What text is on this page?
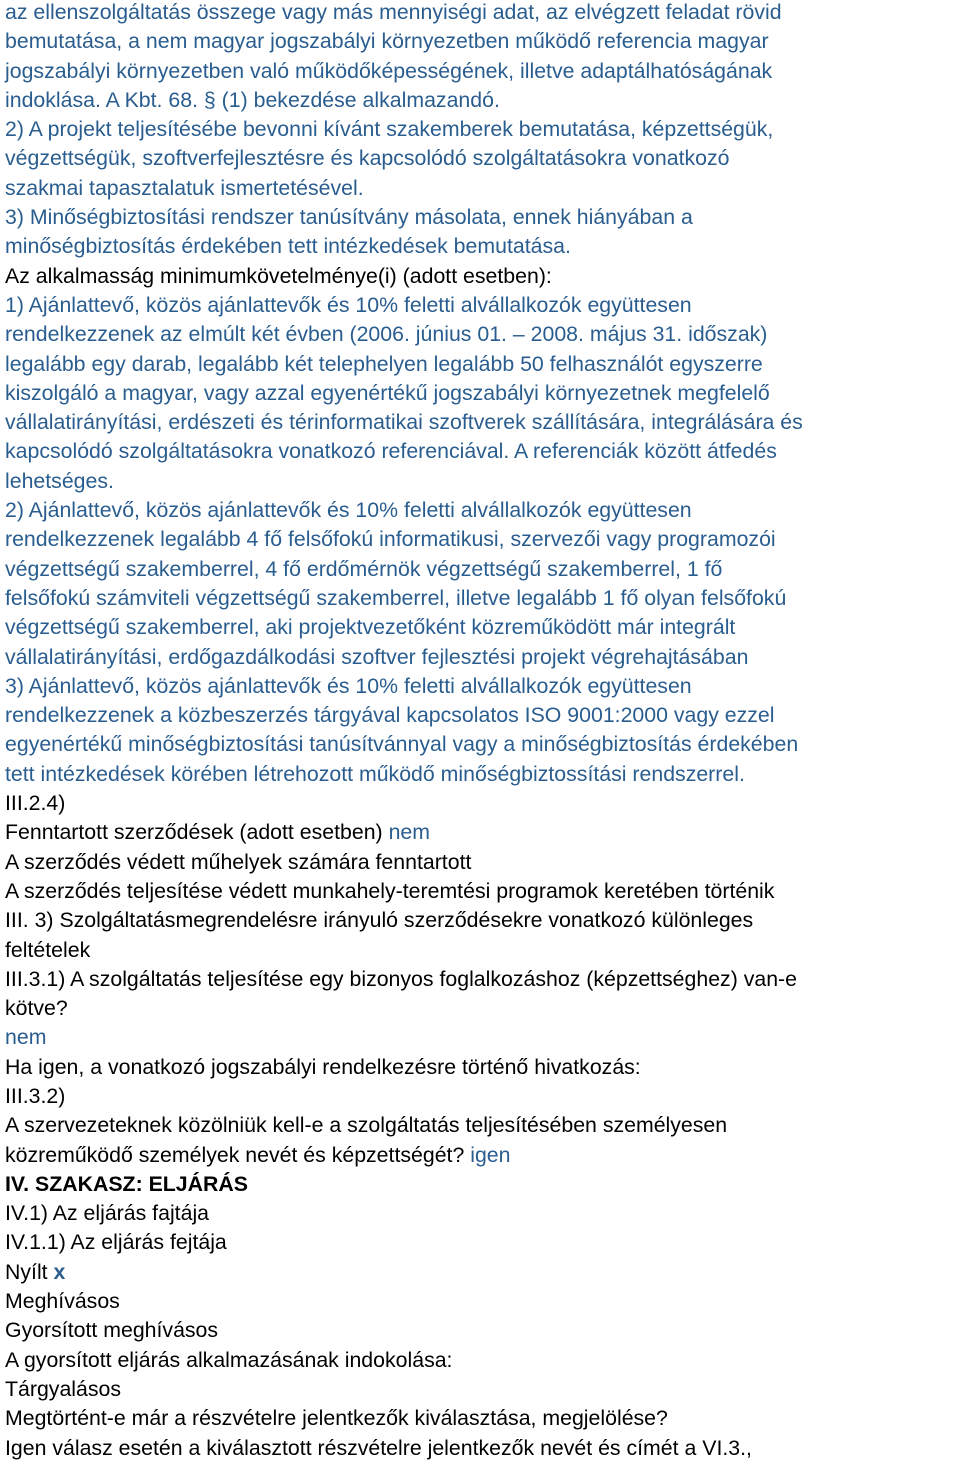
az ellenszolgáltatás összege vagy más mennyiségi adat, az elvégzett feladat rövid
bemutatása, a nem magyar jogszabályi környezetben működő referencia magyar
jogszabályi környezetben való működőképességének, illetve adaptálhatóságának
indoklása. A Kbt. 68. § (1) bekezdése alkalmazandó.
2) A projekt teljesítésébe bevonni kívánt szakemberek bemutatása, képzettségük,
végzettségük, szoftverfejlesztésre és kapcsolódó szolgáltatásokra vonatkozó
szakmai tapasztalatuk ismertetésével.
3) Minőségbiztosítási rendszer tanúsítvány másolata, ennek hiányában a
minőségbiztosítás érdekében tett intézkedések bemutatása.
Az alkalmasság minimumkövetelménye(i) (adott esetben):
1) Ajánlattevő, közös ajánlattevők és 10% feletti alvállalkozók együttesen
rendelkezzenek az elmúlt két évben (2006. június 01. – 2008. május 31. időszak)
legalább egy darab, legalább két telephelyen legalább 50 felhasználót egyszerre
kiszolgáló a magyar, vagy azzal egyenértékű jogszabályi környezetnek megfelelő
vállalatirányítási, erdészeti és térinformatikai szoftverek szállítására, integrálására és
kapcsolódó szolgáltatásokra vonatkozó referenciával. A referenciák között átfedés
lehetséges.
2) Ajánlattevő, közös ajánlattevők és 10% feletti alvállalkozók együttesen
rendelkezzenek legalább 4 fő felsőfokú informatikusi, szervezői vagy programozói
végzettségű szakemberrel, 4 fő erdőmérnök végzettségű szakemberrel, 1 fő
felsőfokú számviteli végzettségű szakemberrel, illetve legalább 1 fő olyan felsőfokú
végzettségű szakemberrel, aki projektvezetőként közreműködött már integrált
vállalatirányítási, erdőgazdálkodási szoftver fejlesztési projekt végrehajtásában
3) Ajánlattevő, közös ajánlattevők és 10% feletti alvállalkozók együttesen
rendelkezzenek a közbeszerzés tárgyával kapcsolatos ISO 9001:2000 vagy ezzel
egyenértékű minőségbiztosítási tanúsítvánnyal vagy a minőségbiztosítás érdekében
tett intézkedések körében létrehozott működő minőségbiztossítási rendszerrel.
III.2.4)
Fenntartott szerződések (adott esetben) nem
A szerződés védett műhelyek számára fenntartott
A szerződés teljesítése védett munkahely-teremtési programok keretében történik
III. 3) Szolgáltatásmegrendelésre irányuló szerződésekre vonatkozó különleges
feltételek
III.3.1) A szolgáltatás teljesítése egy bizonyos foglalkozáshoz (képzettséghez) van-e
kötve?
nem
Ha igen, a vonatkozó jogszabályi rendelkezésre történő hivatkozás:
III.3.2)
A szervezeteknek közölniük kell-e a szolgáltatás teljesítésében személyesen
közreműködő személyek nevét és képzettségét? igen
IV. SZAKASZ: ELJÁRÁS
IV.1) Az eljárás fajtája
IV.1.1) Az eljárás fejtája
Nyílt x
Meghívásos
Gyorsított meghívásos
A gyorsított eljárás alkalmazásának indokolása:
Tárgyalásos
Megtörtént-e már a részvételre jelentkezők kiválasztása, megjelölése?
Igen válasz esetén a kiválasztott részvételre jelentkezők nevét és címét a VI.3.,
